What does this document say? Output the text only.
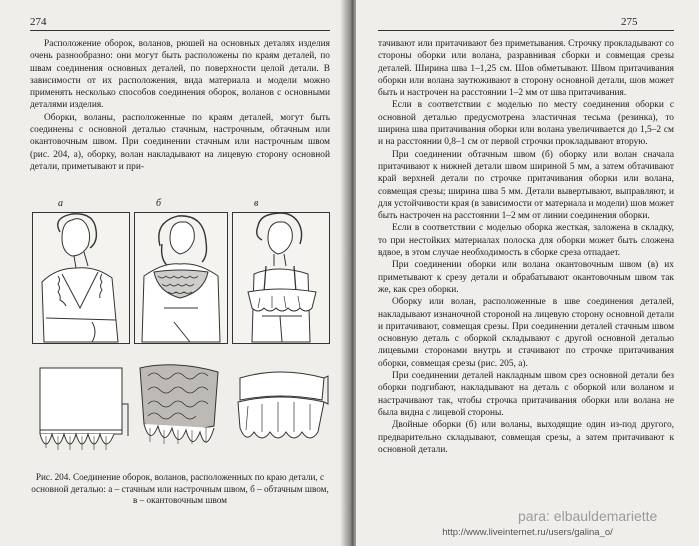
274

Расположение оборок, воланов, рюшей на основных деталях изделия очень разнообразно: они могут быть расположены по краям деталей, по швам соединения основных деталей, по поверхности целой детали. В зависимости от их расположения, вида материала и модели можно применять несколько способов соединения оборок, воланов с основными деталями изделия.

Оборки, воланы, расположенные по краям деталей, могут быть соединены с основной деталью стачным, настрочным, обтачным или окантовочным швом. При соединении стачным или настрочным швом (рис. 204, а), оборку, волан накладывают на лицевую сторону основной детали, приметывают и при-

а	б	в
Рис. 204. Соединение оборок, воланов, расположенных по краю детали, с основной деталью: а – стачным или настрочным швом, б – обтачным швом, в – окантовочным швом
275

тачивают или притачивают без приметывания. Строчку прокладывают со стороны оборки или волана, разравнивая сборки и совмещая срезы деталей. Ширина шва 1–1,25 см. Шов обметывают. Швом притачивания оборки или волана заутюживают в сторону основной детали, шов может быть и настрочен на расстоянии 1–2 мм от шва притачивания.

Если в соответствии с моделью по месту соединения оборки с основной деталью предусмотрена эластичная тесьма (резинка), то ширина шва притачивания оборки или волана увеличивается до 1,5–2 см и на расстоянии 0,8–1 см от первой строчки прокладывают вторую.

При соединении обтачным швом (б) оборку или волан сначала притачивают к нижней детали швом шириной 5 мм, а затем обтачивают край верхней детали по строчке притачивания оборки или волана, совмещая срезы; ширина шва 5 мм. Детали вывертывают, выправляют, и для устойчивости края (в зависимости от материала и модели) шов может быть настрочен на расстоянии 1–2 мм от линии соединения оборки.

Если в соответствии с моделью оборка жесткая, заложена в складку, то при нестойких материалах полоска для оборки может быть сложена вдвое, в этом случае необходимость в сборке среза отпадает.

При соединении оборки или волана окантовочным швом (в) их приметывают к срезу детали и обрабатывают окантовочным швом так же, как срез оборки.

Оборку или волан, расположенные в шве соединения деталей, накладывают изнаночной стороной на лицевую сторону основной детали и притачивают, совмещая срезы. При соединении деталей стачным швом основную деталь с оборкой складывают с другой основной деталью лицевыми сторонами внутрь и стачивают по строчке притачивания оборки, совмещая срезы (рис. 205, а).

При соединении деталей накладным швом срез основной детали без оборки подгибают, накладывают на деталь с оборкой или воланом и настрачивают так, чтобы строчка притачивания оборки или волана не была видна с лицевой стороны.

Двойные оборки (б) или воланы, выходящие один из-под другого, предварительно складывают, совмещая срезы, а затем притачивают к основной детали.

para: elbauldemariette
http://www.liveinternet.ru/users/galina_o/
